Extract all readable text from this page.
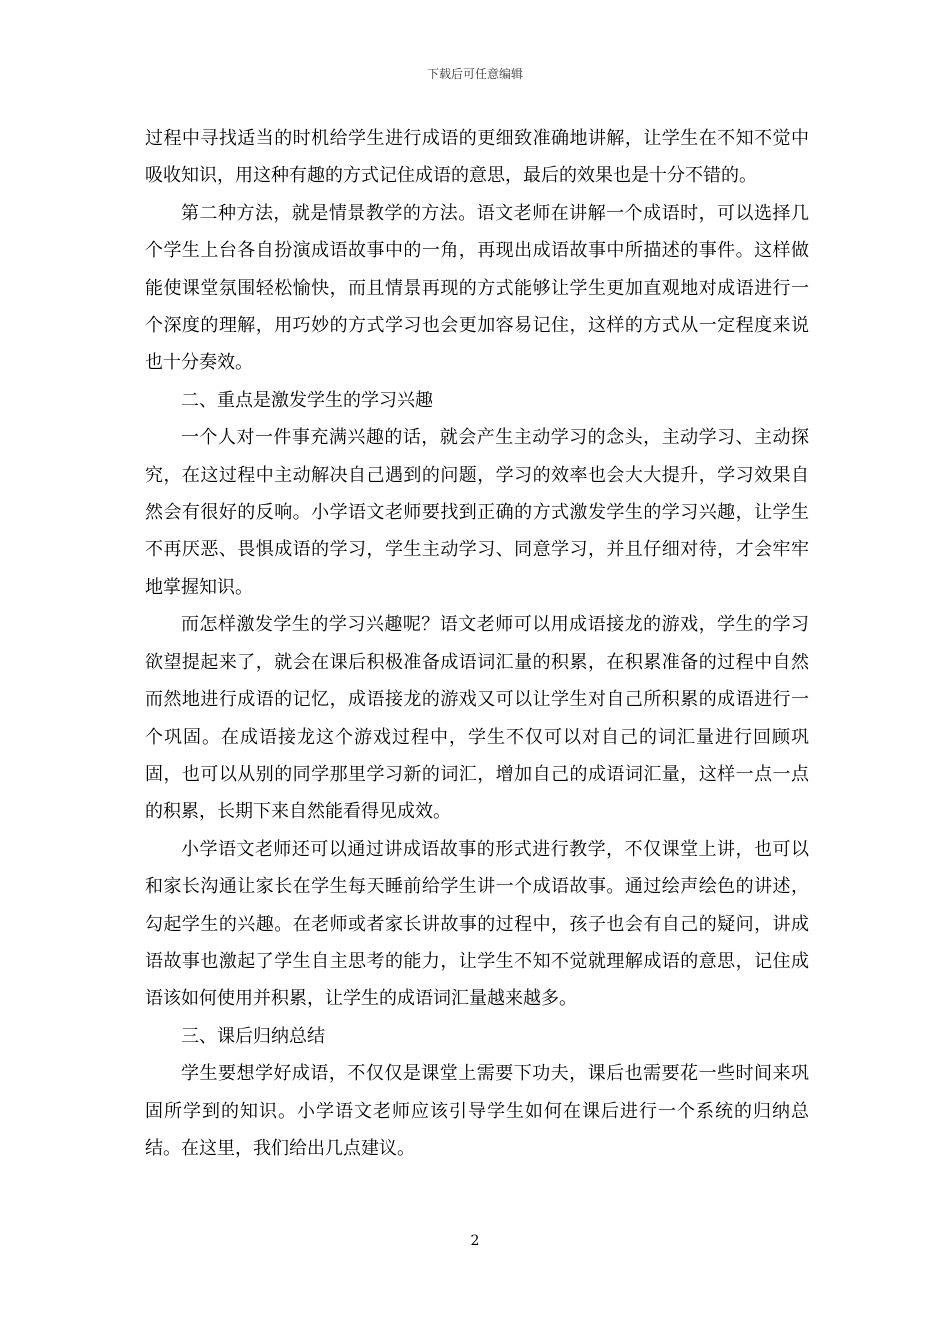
下载后可任意编辑

过程中寻找适当的时机给学生进行成语的更细致准确地讲解，让学生在不知不觉中吸收知识，用这种有趣的方式记住成语的意思，最后的效果也是十分不错的。

第二种方法，就是情景教学的方法。语文老师在讲解一个成语时，可以选择几个学生上台各自扮演成语故事中的一角，再现出成语故事中所描述的事件。这样做能使课堂氛围轻松愉快，而且情景再现的方式能够让学生更加直观地对成语进行一个深度的理解，用巧妙的方式学习也会更加容易记住，这样的方式从一定程度来说也十分奏效。

二、重点是激发学生的学习兴趣

一个人对一件事充满兴趣的话，就会产生主动学习的念头，主动学习、主动探究，在这过程中主动解决自己遇到的问题，学习的效率也会大大提升，学习效果自然会有很好的反响。小学语文老师要找到正确的方式激发学生的学习兴趣，让学生不再厌恶、畏惧成语的学习，学生主动学习、同意学习，并且仔细对待，才会牢牢地掌握知识。

而怎样激发学生的学习兴趣呢？语文老师可以用成语接龙的游戏，学生的学习欲望提起来了，就会在课后积极准备成语词汇量的积累，在积累准备的过程中自然而然地进行成语的记忆，成语接龙的游戏又可以让学生对自己所积累的成语进行一个巩固。在成语接龙这个游戏过程中，学生不仅可以对自己的词汇量进行回顾巩固，也可以从别的同学那里学习新的词汇，增加自己的成语词汇量，这样一点一点的积累，长期下来自然能看得见成效。

小学语文老师还可以通过讲成语故事的形式进行教学，不仅课堂上讲，也可以和家长沟通让家长在学生每天睡前给学生讲一个成语故事。通过绘声绘色的讲述，勾起学生的兴趣。在老师或者家长讲故事的过程中，孩子也会有自己的疑问，讲成语故事也激起了学生自主思考的能力，让学生不知不觉就理解成语的意思，记住成语该如何使用并积累，让学生的成语词汇量越来越多。

三、课后归纳总结

学生要想学好成语，不仅仅是课堂上需要下功夫，课后也需要花一些时间来巩固所学到的知识。小学语文老师应该引导学生如何在课后进行一个系统的归纳总结。在这里，我们给出几点建议。

2
